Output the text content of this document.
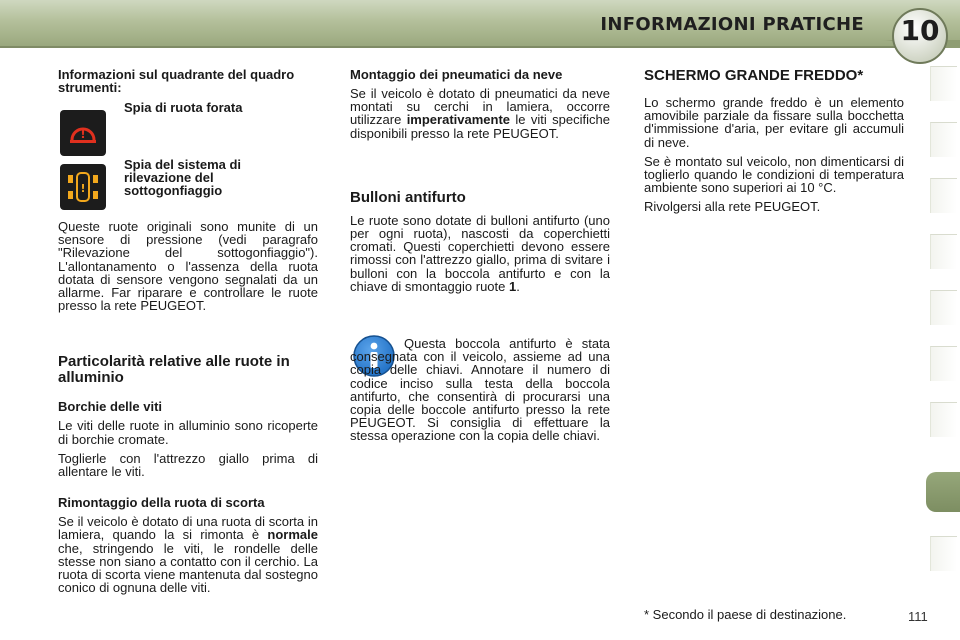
INFORMAZIONI PRATICHE	10

Informazioni sul quadrante del quadro strumenti:

!

Spia di ruota forata

!

Spia del sistema di rilevazione del sottogonfiaggio

Queste ruote originali sono munite di un sensore di pressione (vedi paragrafo "Rilevazione del sottogonfiaggio"). L'allontanamento o l'assenza della ruota dotata di sensore vengono segnalati da un allarme. Far riparare e controllare le ruote presso la rete PEUGEOT.

Particolarità relative alle ruote in alluminio

Borchie delle viti

Le viti delle ruote in alluminio sono ricoperte di borchie cromate.

Toglierle con l'attrezzo giallo prima di allentare le viti.

Rimontaggio della ruota di scorta

Se il veicolo è dotato di una ruota di scorta in lamiera, quando la si rimonta è normale che, stringendo le viti, le rondelle delle stesse non siano a contatto con il cerchio. La ruota di scorta viene mantenuta dal sostegno conico di ognuna delle viti.

Montaggio dei pneumatici da neve

Se il veicolo è dotato di pneumatici da neve montati su cerchi in lamiera, occorre utilizzare imperativamente le viti specifiche disponibili presso la rete PEUGEOT.

Bulloni antifurto

Le ruote sono dotate di bulloni antifurto (uno per ogni ruota), nascosti da coperchietti cromati. Questi coperchietti devono essere rimossi con l'attrezzo giallo, prima di svitare i bulloni con la boccola antifurto e con la chiave di smontaggio ruote 1.

Questa boccola antifurto è stata consegnata con il veicolo, assieme ad una copia delle chiavi. Annotare il numero di codice inciso sulla testa della boccola antifurto, che consentirà di procurarsi una copia delle boccole antifurto presso la rete PEUGEOT. Si consiglia di effettuare la stessa operazione con la copia delle chiavi.

SCHERMO GRANDE FREDDO*

Lo schermo grande freddo è un elemento amovibile parziale da fissare sulla bocchetta d'immissione d'aria, per evitare gli accumuli di neve.

Se è montato sul veicolo, non dimenticarsi di toglierlo quando le condizioni di temperatura ambiente sono superiori ai 10 °C.

Rivolgersi alla rete PEUGEOT.

* Secondo il paese di destinazione.	111
